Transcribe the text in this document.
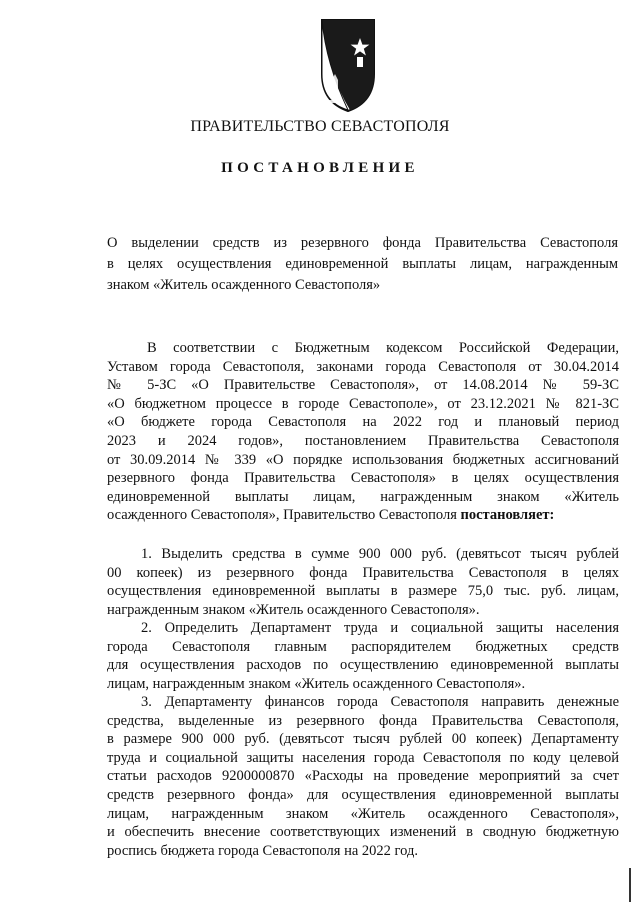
ПРАВИТЕЛЬСТВО СЕВАСТОПОЛЯ
ПОСТАНОВЛЕНИЕ
О выделении средств из резервного фонда Правительства Севастополя
в целях осуществления единовременной выплаты лицам, награжденным
знаком «Житель осажденного Севастополя»
В соответствии с Бюджетным кодексом Российской Федерации,
Уставом города Севастополя, законами города Севастополя от 30.04.2014
№ 5-ЗС «О Правительстве Севастополя», от 14.08.2014 № 59-ЗС
«О бюджетном процессе в городе Севастополе», от 23.12.2021 № 821-ЗС
«О бюджете города Севастополя на 2022 год и плановый период
2023 и 2024 годов», постановлением Правительства Севастополя
от 30.09.2014 № 339 «О порядке использования бюджетных ассигнований
резервного фонда Правительства Севастополя» в целях осуществления
единовременной выплаты лицам, награжденным знаком «Житель
осажденного Севастополя», Правительство Севастополя постановляет:
1. Выделить средства в сумме 900 000 руб. (девятьсот тысяч рублей
00 копеек) из резервного фонда Правительства Севастополя в целях
осуществления единовременной выплаты в размере 75,0 тыс. руб. лицам,
награжденным знаком «Житель осажденного Севастополя».
2. Определить Департамент труда и социальной защиты населения
города Севастополя главным распорядителем бюджетных средств
для осуществления расходов по осуществлению единовременной выплаты
лицам, награжденным знаком «Житель осажденного Севастополя».
3. Департаменту финансов города Севастополя направить денежные
средства, выделенные из резервного фонда Правительства Севастополя,
в размере 900 000 руб. (девятьсот тысяч рублей 00 копеек) Департаменту
труда и социальной защиты населения города Севастополя по коду целевой
статьи расходов 9200000870 «Расходы на проведение мероприятий за счет
средств резервного фонда» для осуществления единовременной выплаты
лицам, награжденным знаком «Житель осажденного Севастополя»,
и обеспечить внесение соответствующих изменений в сводную бюджетную
роспись бюджета города Севастополя на 2022 год.
